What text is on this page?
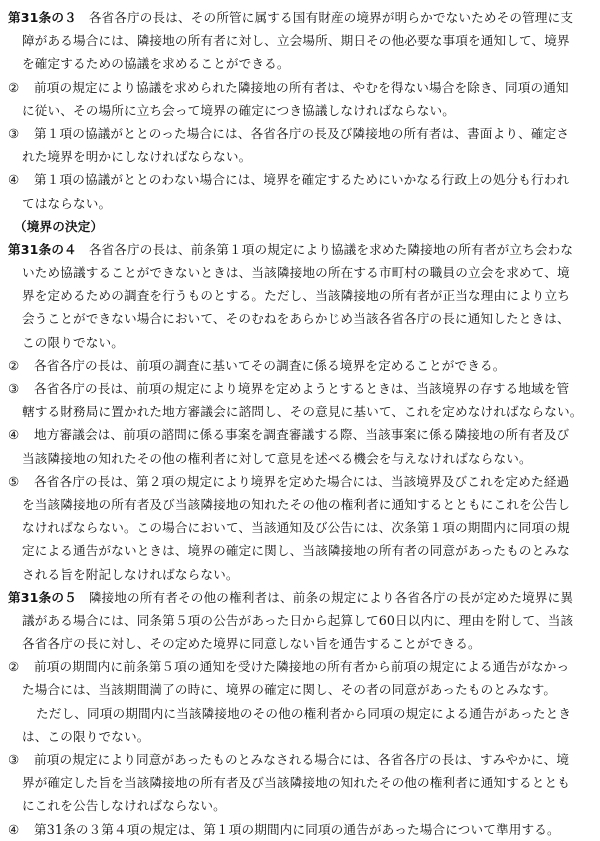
第31条の３ 各省各庁の長は、その所管に属する国有財産の境界が明らかでないためその管理に支
障がある場合には、隣接地の所有者に対し、立会場所、期日その他必要な事項を通知して、境界
を確定するための協議を求めることができる。
② 前項の規定により協議を求められた隣接地の所有者は、やむを得ない場合を除き、同項の通知
に従い、その場所に立ち会って境界の確定につき協議しなければならない。
③ 第１項の協議がととのった場合には、各省各庁の長及び隣接地の所有者は、書面より、確定さ
れた境界を明かにしなければならない。
④ 第１項の協議がととのわない場合には、境界を確定するためにいかなる行政上の処分も行われ
てはならない。
（境界の決定）
第31条の４ 各省各庁の長は、前条第１項の規定により協議を求めた隣接地の所有者が立ち会わな
いため協議することができないときは、当該隣接地の所在する市町村の職員の立会を求めて、境
界を定めるための調査を行うものとする。ただし、当該隣接地の所有者が正当な理由により立ち
会うことができない場合において、そのむねをあらかじめ当該各省各庁の長に通知したときは、
この限りでない。
② 各省各庁の長は、前項の調査に基いてその調査に係る境界を定めることができる。
③ 各省各庁の長は、前項の規定により境界を定めようとするときは、当該境界の存する地域を管
轄する財務局に置かれた地方審議会に諮問し、その意見に基いて、これを定めなければならない。
④ 地方審議会は、前項の諮問に係る事案を調査審議する際、当該事案に係る隣接地の所有者及び
当該隣接地の知れたその他の権利者に対して意見を述べる機会を与えなければならない。
⑤ 各省各庁の長は、第２項の規定により境界を定めた場合には、当該境界及びこれを定めた経過
を当該隣接地の所有者及び当該隣接地の知れたその他の権利者に通知するとともにこれを公告し
なければならない。この場合において、当該通知及び公告には、次条第１項の期間内に同項の規
定による通告がないときは、境界の確定に関し、当該隣接地の所有者の同意があったものとみな
される旨を附記しなければならない。
第31条の５ 隣接地の所有者その他の権利者は、前条の規定により各省各庁の長が定めた境界に異
議がある場合には、同条第５項の公告があった日から起算して60日以内に、理由を附して、当該
各省各庁の長に対し、その定めた境界に同意しない旨を通告することができる。
② 前項の期間内に前条第５項の通知を受けた隣接地の所有者から前項の規定による通告がなかっ
た場合には、当該期間満了の時に、境界の確定に関し、その者の同意があったものとみなす。
ただし、同項の期間内に当該隣接地のその他の権利者から同項の規定による通告があったとき
は、この限りでない。
③ 前項の規定により同意があったものとみなされる場合には、各省各庁の長は、すみやかに、境
界が確定した旨を当該隣接地の所有者及び当該隣接地の知れたその他の権利者に通知するととも
にこれを公告しなければならない。
④ 第31条の３第４項の規定は、第１項の期間内に同項の通告があった場合について準用する。
